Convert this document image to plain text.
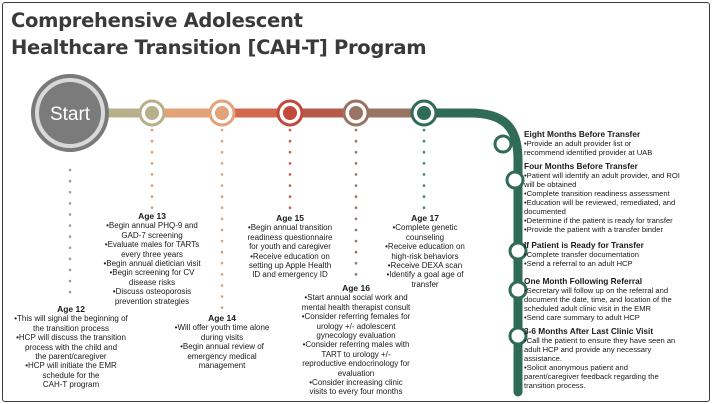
Comprehensive Adolescent
Healthcare Transition [CAH-T] Program
Start
Age 12
•This will signal the beginning of
the transition process
•HCP will discuss the transition
process with the child and
the parent/caregiver
•HCP will initiate the EMR
schedule for the
CAH-T program
Age 13
•Begin annual PHQ-9 and
GAD-7 screening
•Evaluate males for TARTs
every three years
•Begin annual dietician visit
•Begin screening for CV
disease risks
•Discuss osteoporosis
prevention strategies
Age 14
•Will offer youth time alone
during visits
•Begin annual review of
emergency medical
management
Age 15
•Begin annual transition
readiness questionnaire
for youth and caregiver
•Receive education on
setting up Apple Health
ID and emergency ID
Age 16
•Start annual social work and
mental health therapist consult
•Consider referring females for
urology +/- adolescent
gynecology evaluation
•Consider referring males with
TART to urology +/-
reproductive endocrinology for
evaluation
•Consider increasing clinic
visits to every four months
Age 17
•Complete genetic
counseling
•Receive education on
high-risk behaviors
•Receive DEXA scan
•Identify a goal age of
transfer
Eight Months Before Transfer
•Provide an adult provider list or
recommend identified provider at UAB
Four Months Before Transfer
•Patient will identify an adult provider, and ROI
will be obtained
•Complete transition readiness assessment
•Education will be reviewed, remediated, and
documented
•Determine if the patient is ready for transfer
•Provide the patient with a transfer binder
If Patient is Ready for Transfer
•Complete transfer documentation
•Send a referral to an adult HCP
One Month Following Referral
•Secretary will follow up on the referral and
document the date, time, and location of the
scheduled adult clinic visit in the EMR
•Send care summary to adult HCP
3-6 Months After Last Clinic Visit
•Call the patient to ensure they have seen an
adult HCP and provide any necessary
assistance.
•Solicit anonymous patient and
parent/caregiver feedback regarding the
transition process.
